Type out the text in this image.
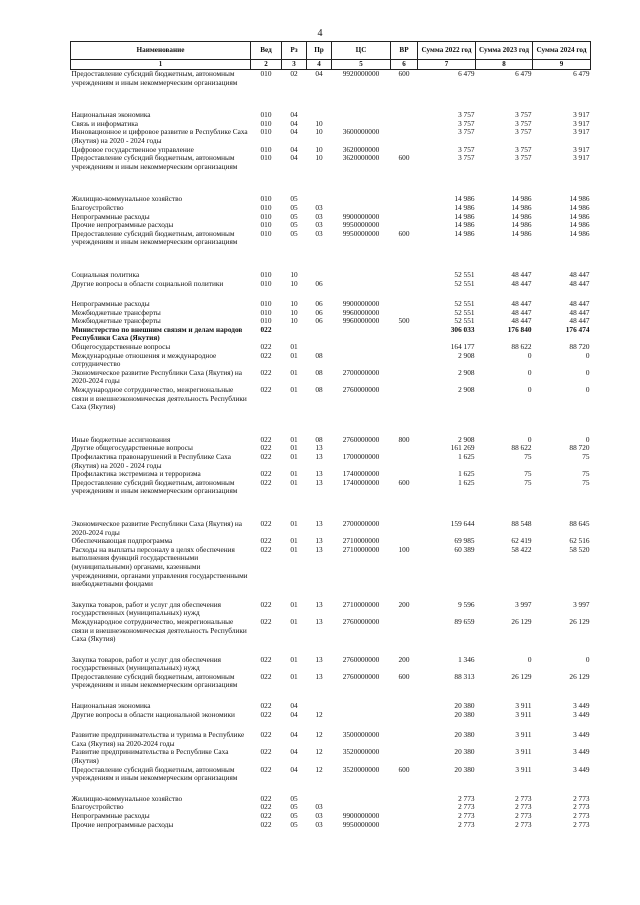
4
Наименование	Вед	Рз	Пр	ЦС	ВР	Сумма 2022 год	Сумма 2023 год	Сумма 2024 год
1	2	3	4	5	6	7	8	9
Предоставление субсидий бюджетным, автономным учреждениям и иным некоммерческим организациям	010	02	04	9920000000	600	6 479	6 479	6 479

Национальная экономика	010	04				3 757	3 757	3 917
Связь и информатика	010	04	10			3 757	3 757	3 917
Инновационное и цифровое развитие в Республике Саха (Якутия) на 2020 - 2024 годы	010	04	10	3600000000		3 757	3 757	3 917
Цифровое государственное управление	010	04	10	3620000000		3 757	3 757	3 917
Предоставление субсидий бюджетным, автономным учреждениям и иным некоммерческим организациям	010	04	10	3620000000	600	3 757	3 757	3 917

Жилищно-коммунальное хозяйство	010	05				14 986	14 986	14 986
Благоустройство	010	05	03			14 986	14 986	14 986
Непрограммные расходы	010	05	03	9900000000		14 986	14 986	14 986
Прочие непрограммные расходы	010	05	03	9950000000		14 986	14 986	14 986
Предоставление субсидий бюджетным, автономным учреждениям и иным некоммерческим организациям	010	05	03	9950000000	600	14 986	14 986	14 986

Социальная политика	010	10				52 551	48 447	48 447
Другие вопросы в области социальной политики	010	10	06			52 551	48 447	48 447

Непрограммные расходы	010	10	06	9900000000		52 551	48 447	48 447
Межбюджетные трансферты	010	10	06	9960000000		52 551	48 447	48 447
Межбюджетные трансферты	010	10	06	9960000000	500	52 551	48 447	48 447
Министерство по внешним связям и делам народов Республики Саха (Якутия)	022					306 033	176 840	176 474
Общегосударственные вопросы	022	01				164 177	88 622	88 720
Международные отношения и международное сотрудничество	022	01	08			2 908	0	0
Экономическое развитие Республики Саха (Якутия) на 2020-2024 годы	022	01	08	2700000000		2 908	0	0
Международное сотрудничество, межрегиональные связи и внешнеэкономическая деятельность Республики Саха (Якутия)	022	01	08	2760000000		2 908	0	0

Иные бюджетные ассигнования	022	01	08	2760000000	800	2 908	0	0
Другие общегосударственные вопросы	022	01	13			161 269	88 622	88 720
Профилактика правонарушений в Республике Саха (Якутия) на 2020 - 2024 годы	022	01	13	1700000000		1 625	75	75
Профилактика экстремизма и терроризма	022	01	13	1740000000		1 625	75	75
Предоставление субсидий бюджетным, автономным учреждениям и иным некоммерческим организациям	022	01	13	1740000000	600	1 625	75	75

Экономическое развитие Республики Саха (Якутия) на 2020-2024 годы	022	01	13	2700000000		159 644	88 548	88 645
Обеспечивающая подпрограмма	022	01	13	2710000000		69 985	62 419	62 516
Расходы на выплаты персоналу в целях обеспечения выполнения функций государственными (муниципальными) органами, казенными учреждениями, органами управления государственными внебюджетными фондами	022	01	13	2710000000	100	60 389	58 422	58 520

Закупка товаров, работ и услуг для обеспечения государственных (муниципальных) нужд	022	01	13	2710000000	200	9 596	3 997	3 997
Международное сотрудничество, межрегиональные связи и внешнеэкономическая деятельность Республики Саха (Якутия)	022	01	13	2760000000		89 659	26 129	26 129

Закупка товаров, работ и услуг для обеспечения государственных (муниципальных) нужд	022	01	13	2760000000	200	1 346	0	0
Предоставление субсидий бюджетным, автономным учреждениям и иным некоммерческим организациям	022	01	13	2760000000	600	88 313	26 129	26 129

Национальная экономика	022	04				20 380	3 911	3 449
Другие вопросы в области национальной экономики	022	04	12			20 380	3 911	3 449

Развитие предпринимательства и туризма в Республике Саха (Якутия) на 2020-2024 годы	022	04	12	3500000000		20 380	3 911	3 449
Развитие предпринимательства в Республике Саха (Якутия)	022	04	12	3520000000		20 380	3 911	3 449
Предоставление субсидий бюджетным, автономным учреждениям и иным некоммерческим организациям	022	04	12	3520000000	600	20 380	3 911	3 449

Жилищно-коммунальное хозяйство	022	05				2 773	2 773	2 773
Благоустройство	022	05	03			2 773	2 773	2 773
Непрограммные расходы	022	05	03	9900000000		2 773	2 773	2 773
Прочие непрограммные расходы	022	05	03	9950000000		2 773	2 773	2 773
